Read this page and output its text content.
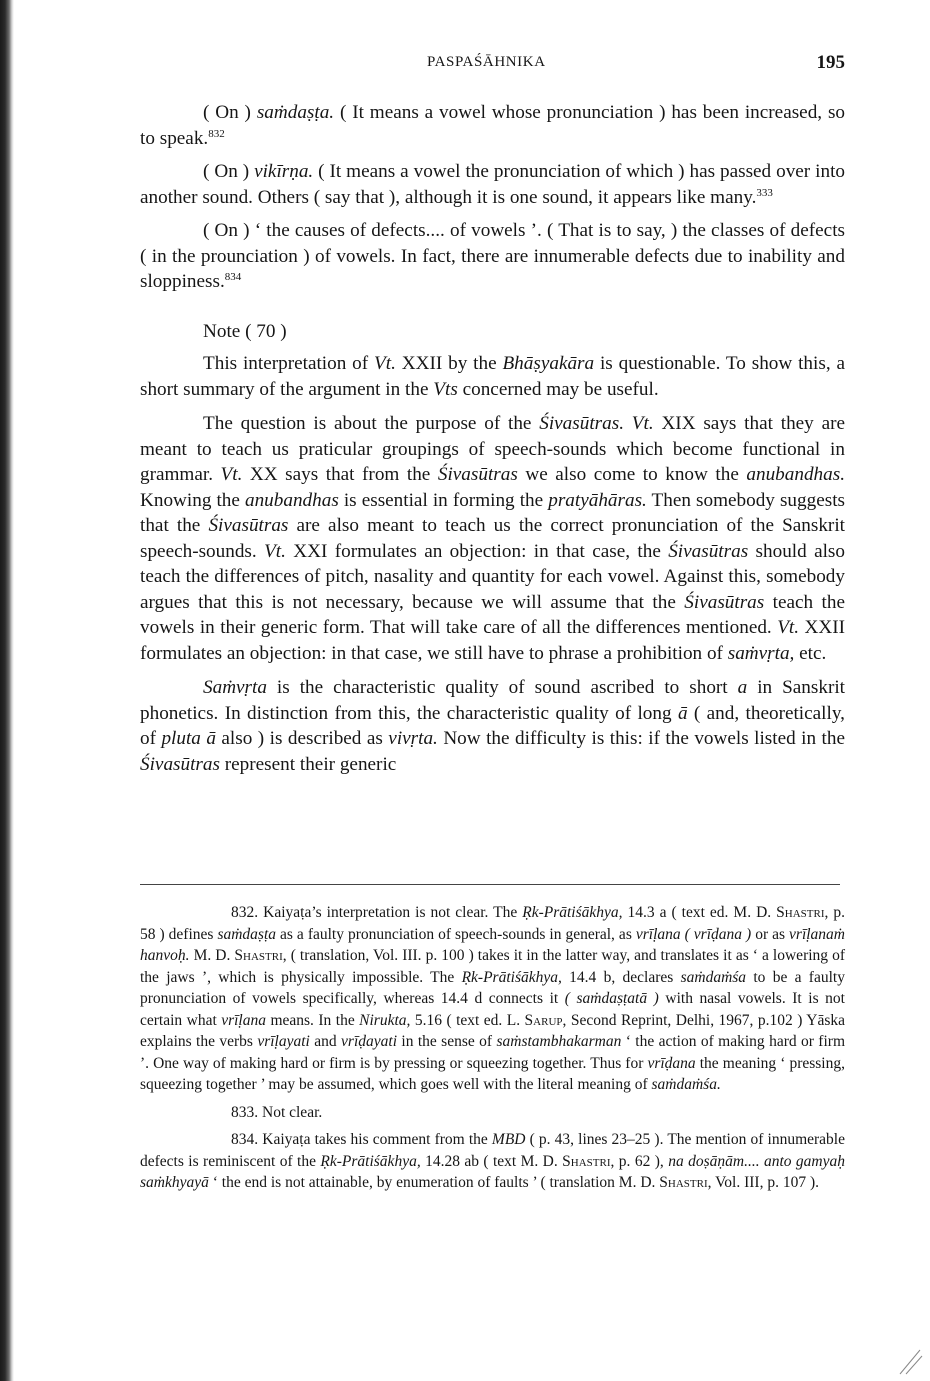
PASPAŚĀHNIKA	195

( On ) saṁdaṣṭa. ( It means a vowel whose pronunciation ) has been increased, so to speak.$^{832}$

( On ) vikīrṇa. ( It means a vowel the pronunciation of which ) has passed over into another sound. Others ( say that ), although it is one sound, it appears like many.$^{333}$

( On ) ‘ the causes of defects.... of vowels ’. ( That is to say, ) the classes of defects ( in the prounciation ) of vowels. In fact, there are innumerable defects due to inability and sloppiness.$^{834}$

Note ( 70 )

This interpretation of Vt. XXII by the Bhāṣyakāra is questionable. To show this, a short summary of the argument in the Vts concerned may be useful.

The question is about the purpose of the Śivasūtras. Vt. XIX says that they are meant to teach us praticular groupings of speech-sounds which become functional in grammar. Vt. XX says that from the Śivasūtras we also come to know the anubandhas. Knowing the anubandhas is essential in forming the pratyāhāras. Then somebody suggests that the Śivasūtras are also meant to teach us the correct pronunciation of the Sanskrit speech-sounds. Vt. XXI formulates an objection: in that case, the Śivasūtras should also teach the differences of pitch, nasality and quantity for each vowel. Against this, somebody argues that this is not necessary, because we will assume that the Śivasūtras teach the vowels in their generic form. That will take care of all the differences mentioned. Vt. XXII formulates an objection: in that case, we still have to phrase a prohibition of saṁvṛta, etc.

Saṁvṛta is the characteristic quality of sound ascribed to short a in Sanskrit phonetics. In distinction from this, the characteristic quality of long ā ( and, theoretically, of pluta ā also ) is described as vivṛta. Now the difficulty is this: if the vowels listed in the Śivasūtras represent their generic

832. Kaiyaṭa’s interpretation is not clear. The Ṛk-Prātiśākhya, 14.3 a ( text ed. M. D. Shastri, p. 58 ) defines saṁdaṣṭa as a faulty pronunciation of speech-sounds in general, as vrīḷana ( vrīḍana ) or as vrīḷanaṁ hanvoḥ. M. D. Shastri, ( translation, Vol. III. p. 100 ) takes it in the latter way, and translates it as ‘ a lowering of the jaws ’, which is physically impossible. The Ṛk-Prātiśākhya, 14.4 b, declares saṁdaṁśa to be a faulty pronunciation of vowels specifically, whereas 14.4 d connects it ( saṁdaṣṭatā ) with nasal vowels. It is not certain what vrīḷana means. In the Nirukta, 5.16 ( text ed. L. Sarup, Second Reprint, Delhi, 1967, p.102 ) Yāska explains the verbs vrīḷayati and vrīḍayati in the sense of saṁstambhakarman ‘ the action of making hard or firm ’. One way of making hard or firm is by pressing or squeezing together. Thus for vrīḍana the meaning ‘ pressing, squeezing together ’ may be assumed, which goes well with the literal meaning of saṁdaṁśa.

833. Not clear.

834. Kaiyaṭa takes his comment from the MBD ( p. 43, lines 23–25 ). The mention of innumerable defects is reminiscent of the Ṛk-Prātiśākhya, 14.28 ab ( text M. D. Shastri, p. 62 ), na doṣāṇām.... anto gamyaḥ saṁkhyayā ‘ the end is not attainable, by enumeration of faults ’ ( translation M. D. Shastri, Vol. III, p. 107 ).
